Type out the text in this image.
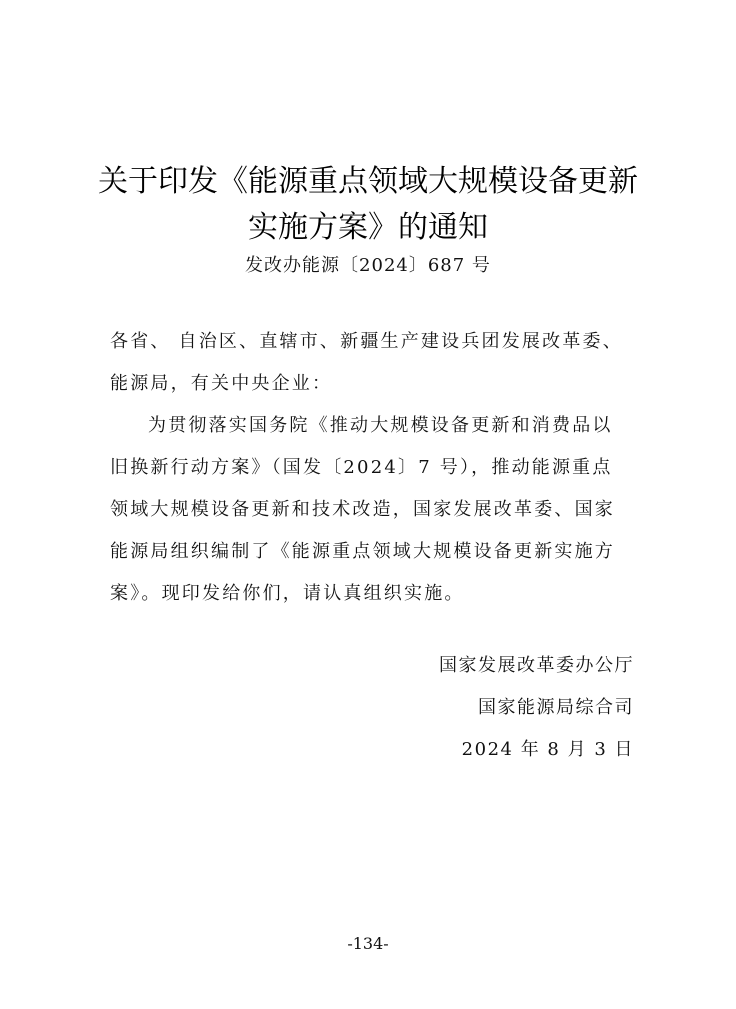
关于印发《能源重点领域大规模设备更新
实施方案》的通知
发改办能源〔2024〕687 号
各省、 自治区、直辖市、新疆生产建设兵团发展改革委、
能源局，有关中央企业：
为贯彻落实国务院《推动大规模设备更新和消费品以
旧换新行动方案》（国发〔2024〕7 号），推动能源重点
领域大规模设备更新和技术改造，国家发展改革委、国家
能源局组织编制了《能源重点领域大规模设备更新实施方
案》。现印发给你们，请认真组织实施。
国家发展改革委办公厅
国家能源局综合司
2024 年 8 月 3 日
-134-
